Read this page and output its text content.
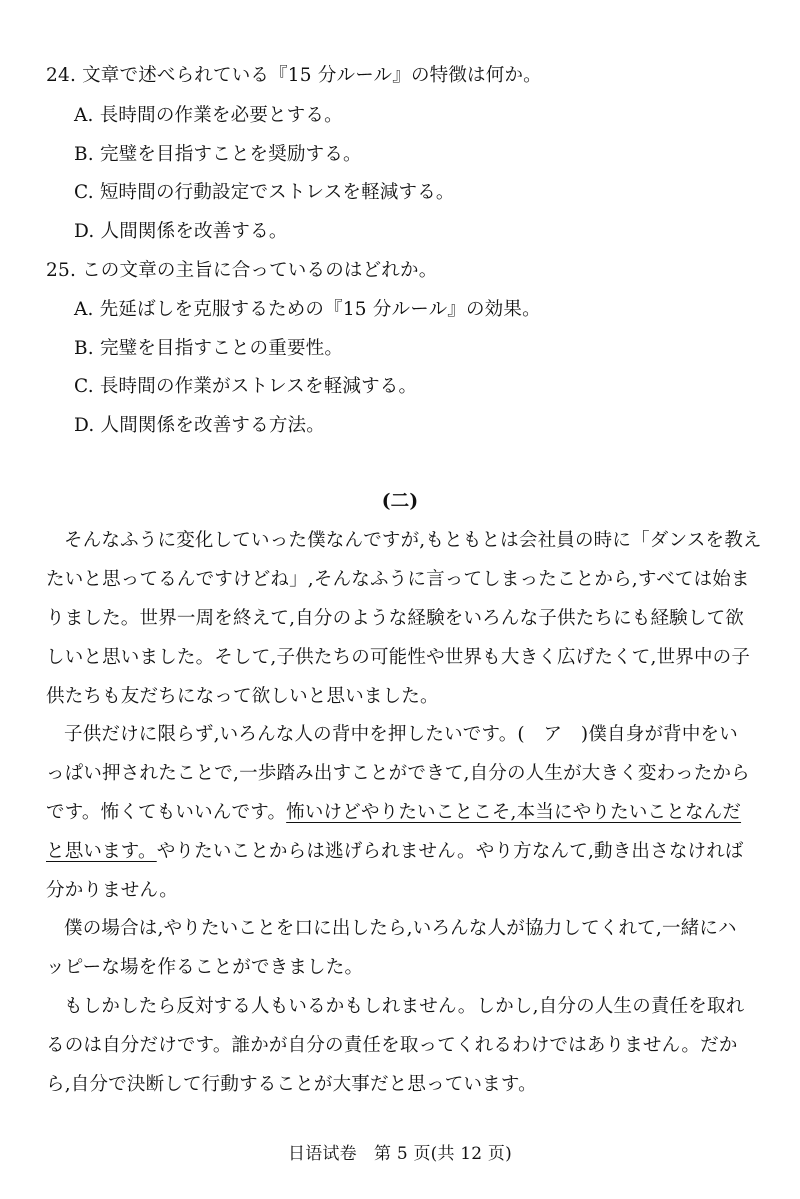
24. 文章で述べられている『15 分ルール』の特徴は何か。
A. 長時間の作業を必要とする。
B. 完璧を目指すことを奨励する。
C. 短時間の行動設定でストレスを軽減する。
D. 人間関係を改善する。
25. この文章の主旨に合っているのはどれか。
A. 先延ばしを克服するための『15 分ルール』の効果。
B. 完璧を目指すことの重要性。
C. 長時間の作業がストレスを軽減する。
D. 人間関係を改善する方法。
(二)
そんなふうに変化していった僕なんですが,もともとは会社員の時に「ダンスを教え
たいと思ってるんですけどね」,そんなふうに言ってしまったことから,すべては始ま
りました。世界一周を終えて,自分のような経験をいろんな子供たちにも経験して欲
しいと思いました。そして,子供たちの可能性や世界も大きく広げたくて,世界中の子
供たちも友だちになって欲しいと思いました。
子供だけに限らず,いろんな人の背中を押したいです。(　ア　)僕自身が背中をい
っぱい押されたことで,一歩踏み出すことができて,自分の人生が大きく変わったから
です。怖くてもいいんです。怖いけどやりたいことこそ,本当にやりたいことなんだ
と思います。やりたいことからは逃げられません。やり方なんて,動き出さなければ
分かりません。
僕の場合は,やりたいことを口に出したら,いろんな人が協力してくれて,一緒にハ
ッピーな場を作ることができました。
もしかしたら反対する人もいるかもしれません。しかし,自分の人生の責任を取れ
るのは自分だけです。誰かが自分の責任を取ってくれるわけではありません。だか
ら,自分で決断して行動することが大事だと思っています。
日语试卷　第 5 页(共 12 页)
